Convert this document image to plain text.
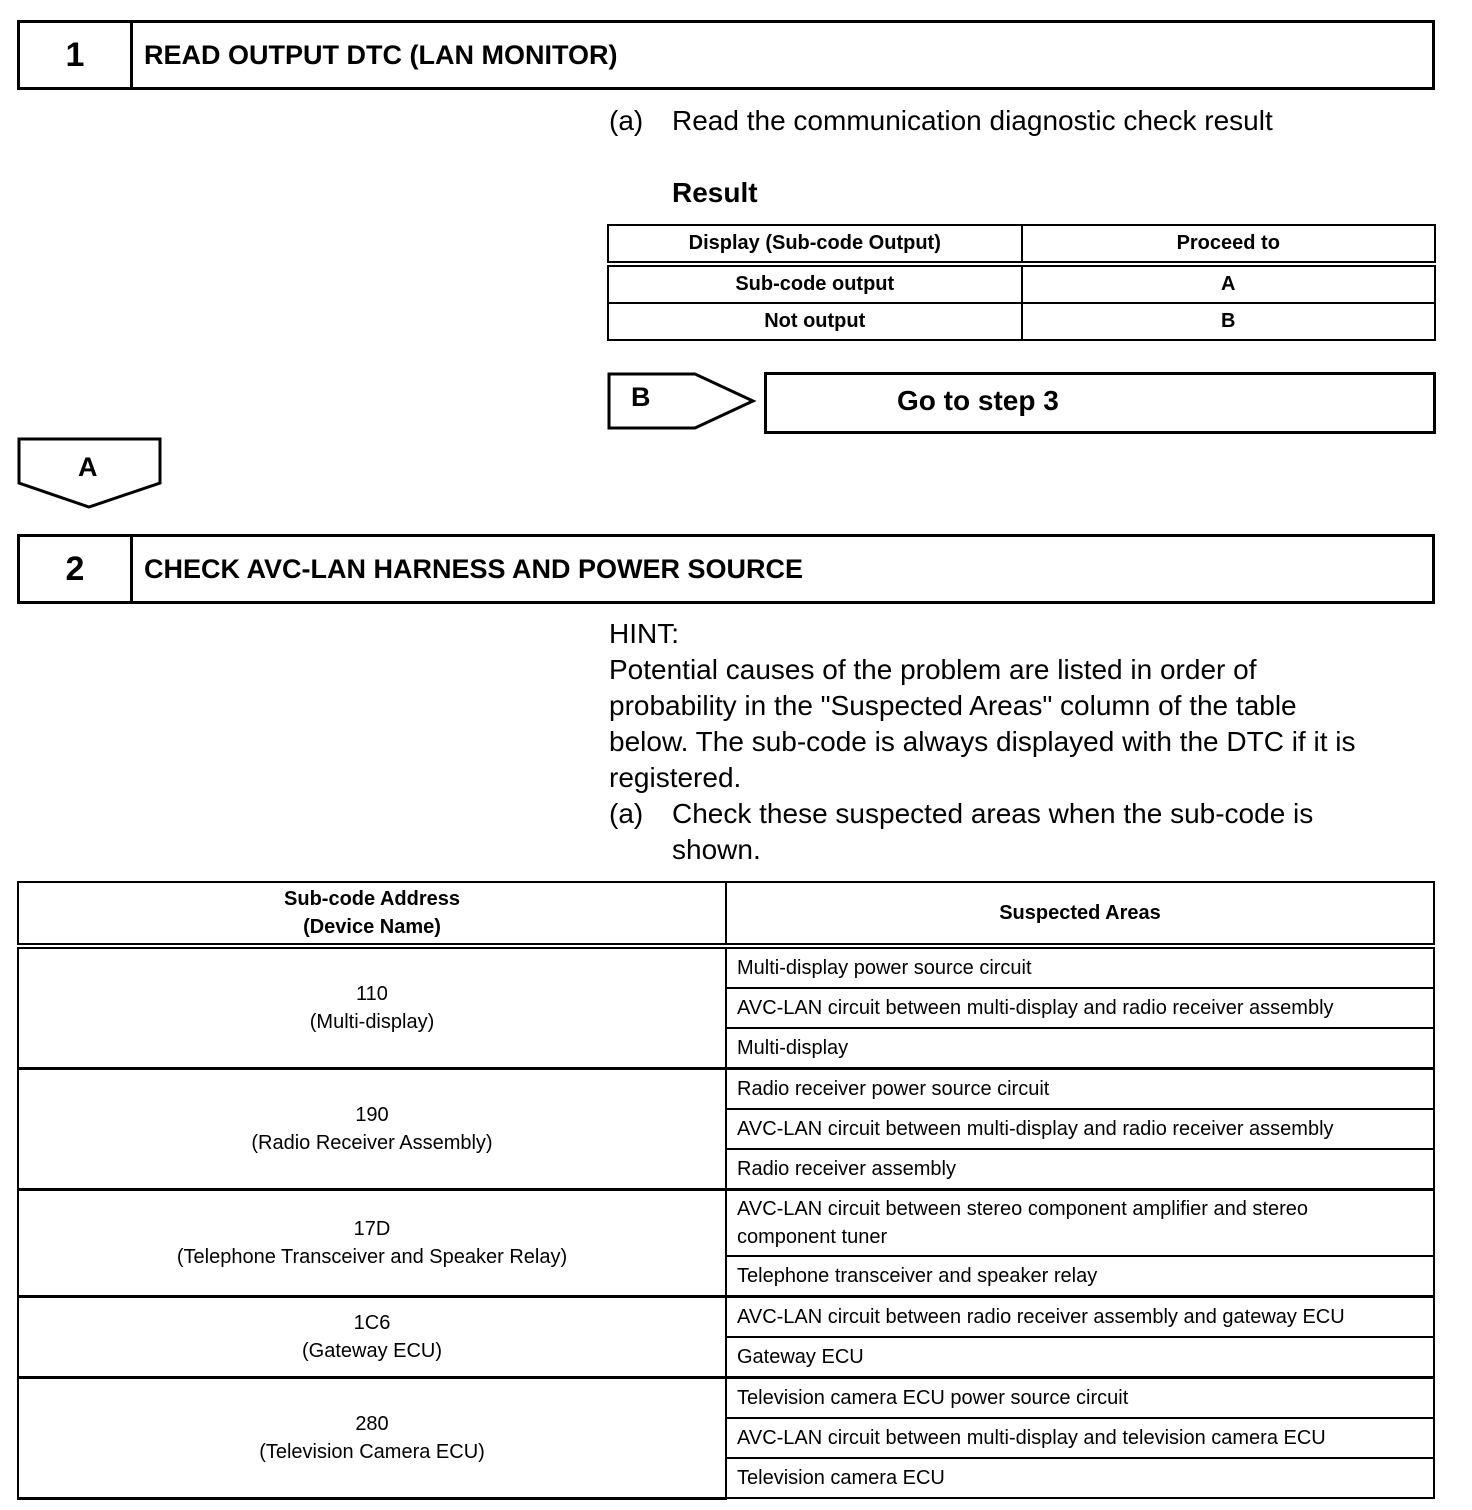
1	READ OUTPUT DTC (LAN MONITOR)
(a) Read the communication diagnostic check result
Result
Display (Sub-code Output)	Proceed to
Sub-code output	A
Not output	B
B	Go to step 3
A
2	CHECK AVC-LAN HARNESS AND POWER SOURCE
HINT:
Potential causes of the problem are listed in order of
probability in the "Suspected Areas" column of the table
below. The sub-code is always displayed with the DTC if it is
registered.
(a) Check these suspected areas when the sub-code is
shown.
Sub-code Address
(Device Name)	Suspected Areas

110
(Multi-display)	Multi-display power source circuit
	AVC-LAN circuit between multi-display and radio receiver assembly
	Multi-display

190
(Radio Receiver Assembly)	Radio receiver power source circuit
	AVC-LAN circuit between multi-display and radio receiver assembly
	Radio receiver assembly

17D
(Telephone Transceiver and Speaker Relay)	AVC-LAN circuit between stereo component amplifier and stereo component tuner
	Telephone transceiver and speaker relay

1C6
(Gateway ECU)	AVC-LAN circuit between radio receiver assembly and gateway ECU
	Gateway ECU

280
(Television Camera ECU)	Television camera ECU power source circuit
	AVC-LAN circuit between multi-display and television camera ECU
	Television camera ECU
